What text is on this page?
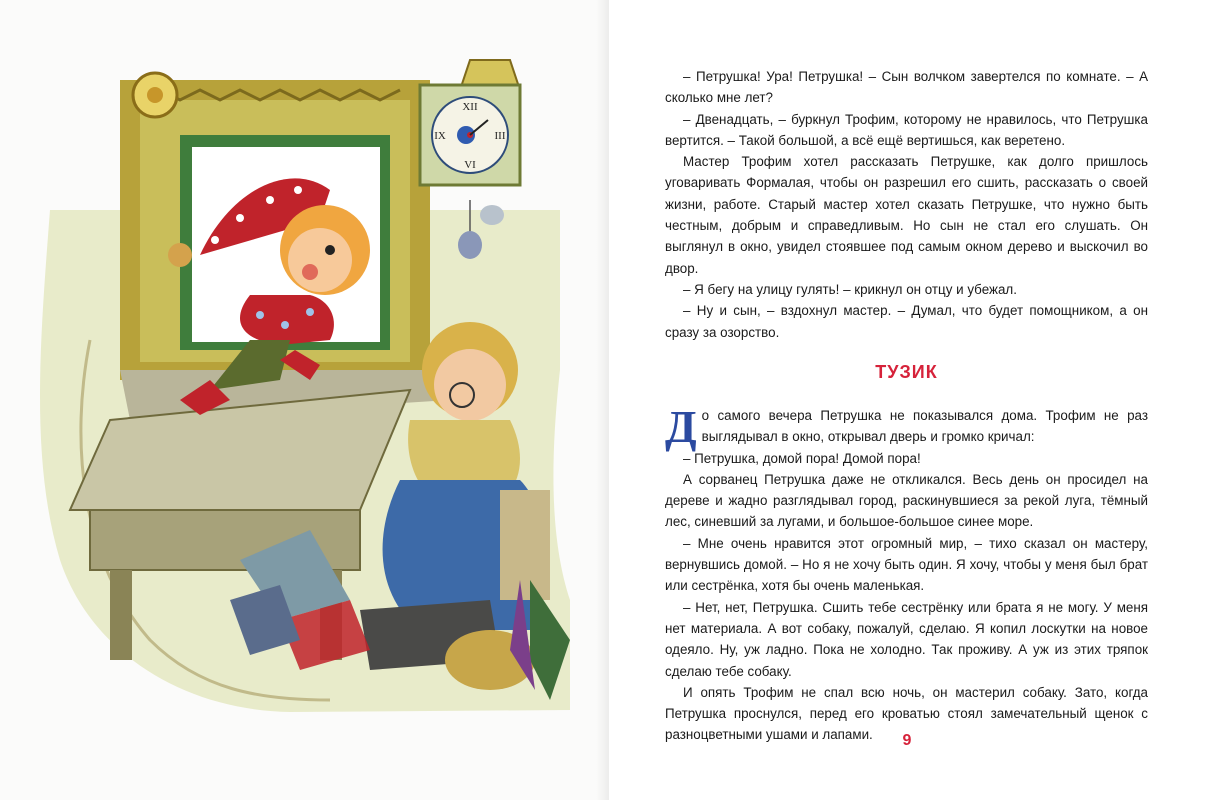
XII
III
VI
IX

– Петрушка! Ура! Петрушка! – Сын волчком завертелся по комнате. – А сколько мне лет?

– Двенадцать, – буркнул Трофим, которому не нравилось, что Петрушка вертится. – Такой большой, а всё ещё вертишься, как веретено.

Мастер Трофим хотел рассказать Петрушке, как долго пришлось уговаривать Формалая, чтобы он разрешил его сшить, рассказать о своей жизни, работе. Старый мастер хотел сказать Петрушке, что нужно быть честным, добрым и справедливым. Но сын не стал его слушать. Он выглянул в окно, увидел стоявшее под самым окном дерево и выскочил во двор.

– Я бегу на улицу гулять! – крикнул он отцу и убежал.

– Ну и сын, – вздохнул мастер. – Думал, что будет помощником, а он сразу за озорство.

ТУЗИК

До самого вечера Петрушка не показывался дома. Трофим не раз выглядывал в окно, открывал дверь и громко кричал:

– Петрушка, домой пора! Домой пора!

А сорванец Петрушка даже не откликался. Весь день он просидел на дереве и жадно разглядывал город, раскинувшиеся за рекой луга, тёмный лес, синевший за лугами, и большое-большое синее море.

– Мне очень нравится этот огромный мир, – тихо сказал он мастеру, вернувшись домой. – Но я не хочу быть один. Я хочу, чтобы у меня был брат или сестрёнка, хотя бы очень маленькая.

– Нет, нет, Петрушка. Сшить тебе сестрёнку или брата я не могу. У меня нет материала. А вот собаку, пожалуй, сделаю. Я копил лоскутки на новое одеяло. Ну, уж ладно. Пока не холодно. Так проживу. А уж из этих тряпок сделаю тебе собаку.

И опять Трофим не спал всю ночь, он мастерил собаку. Зато, когда Петрушка проснулся, перед его кроватью стоял замечательный щенок с разноцветными ушами и лапами.	9
